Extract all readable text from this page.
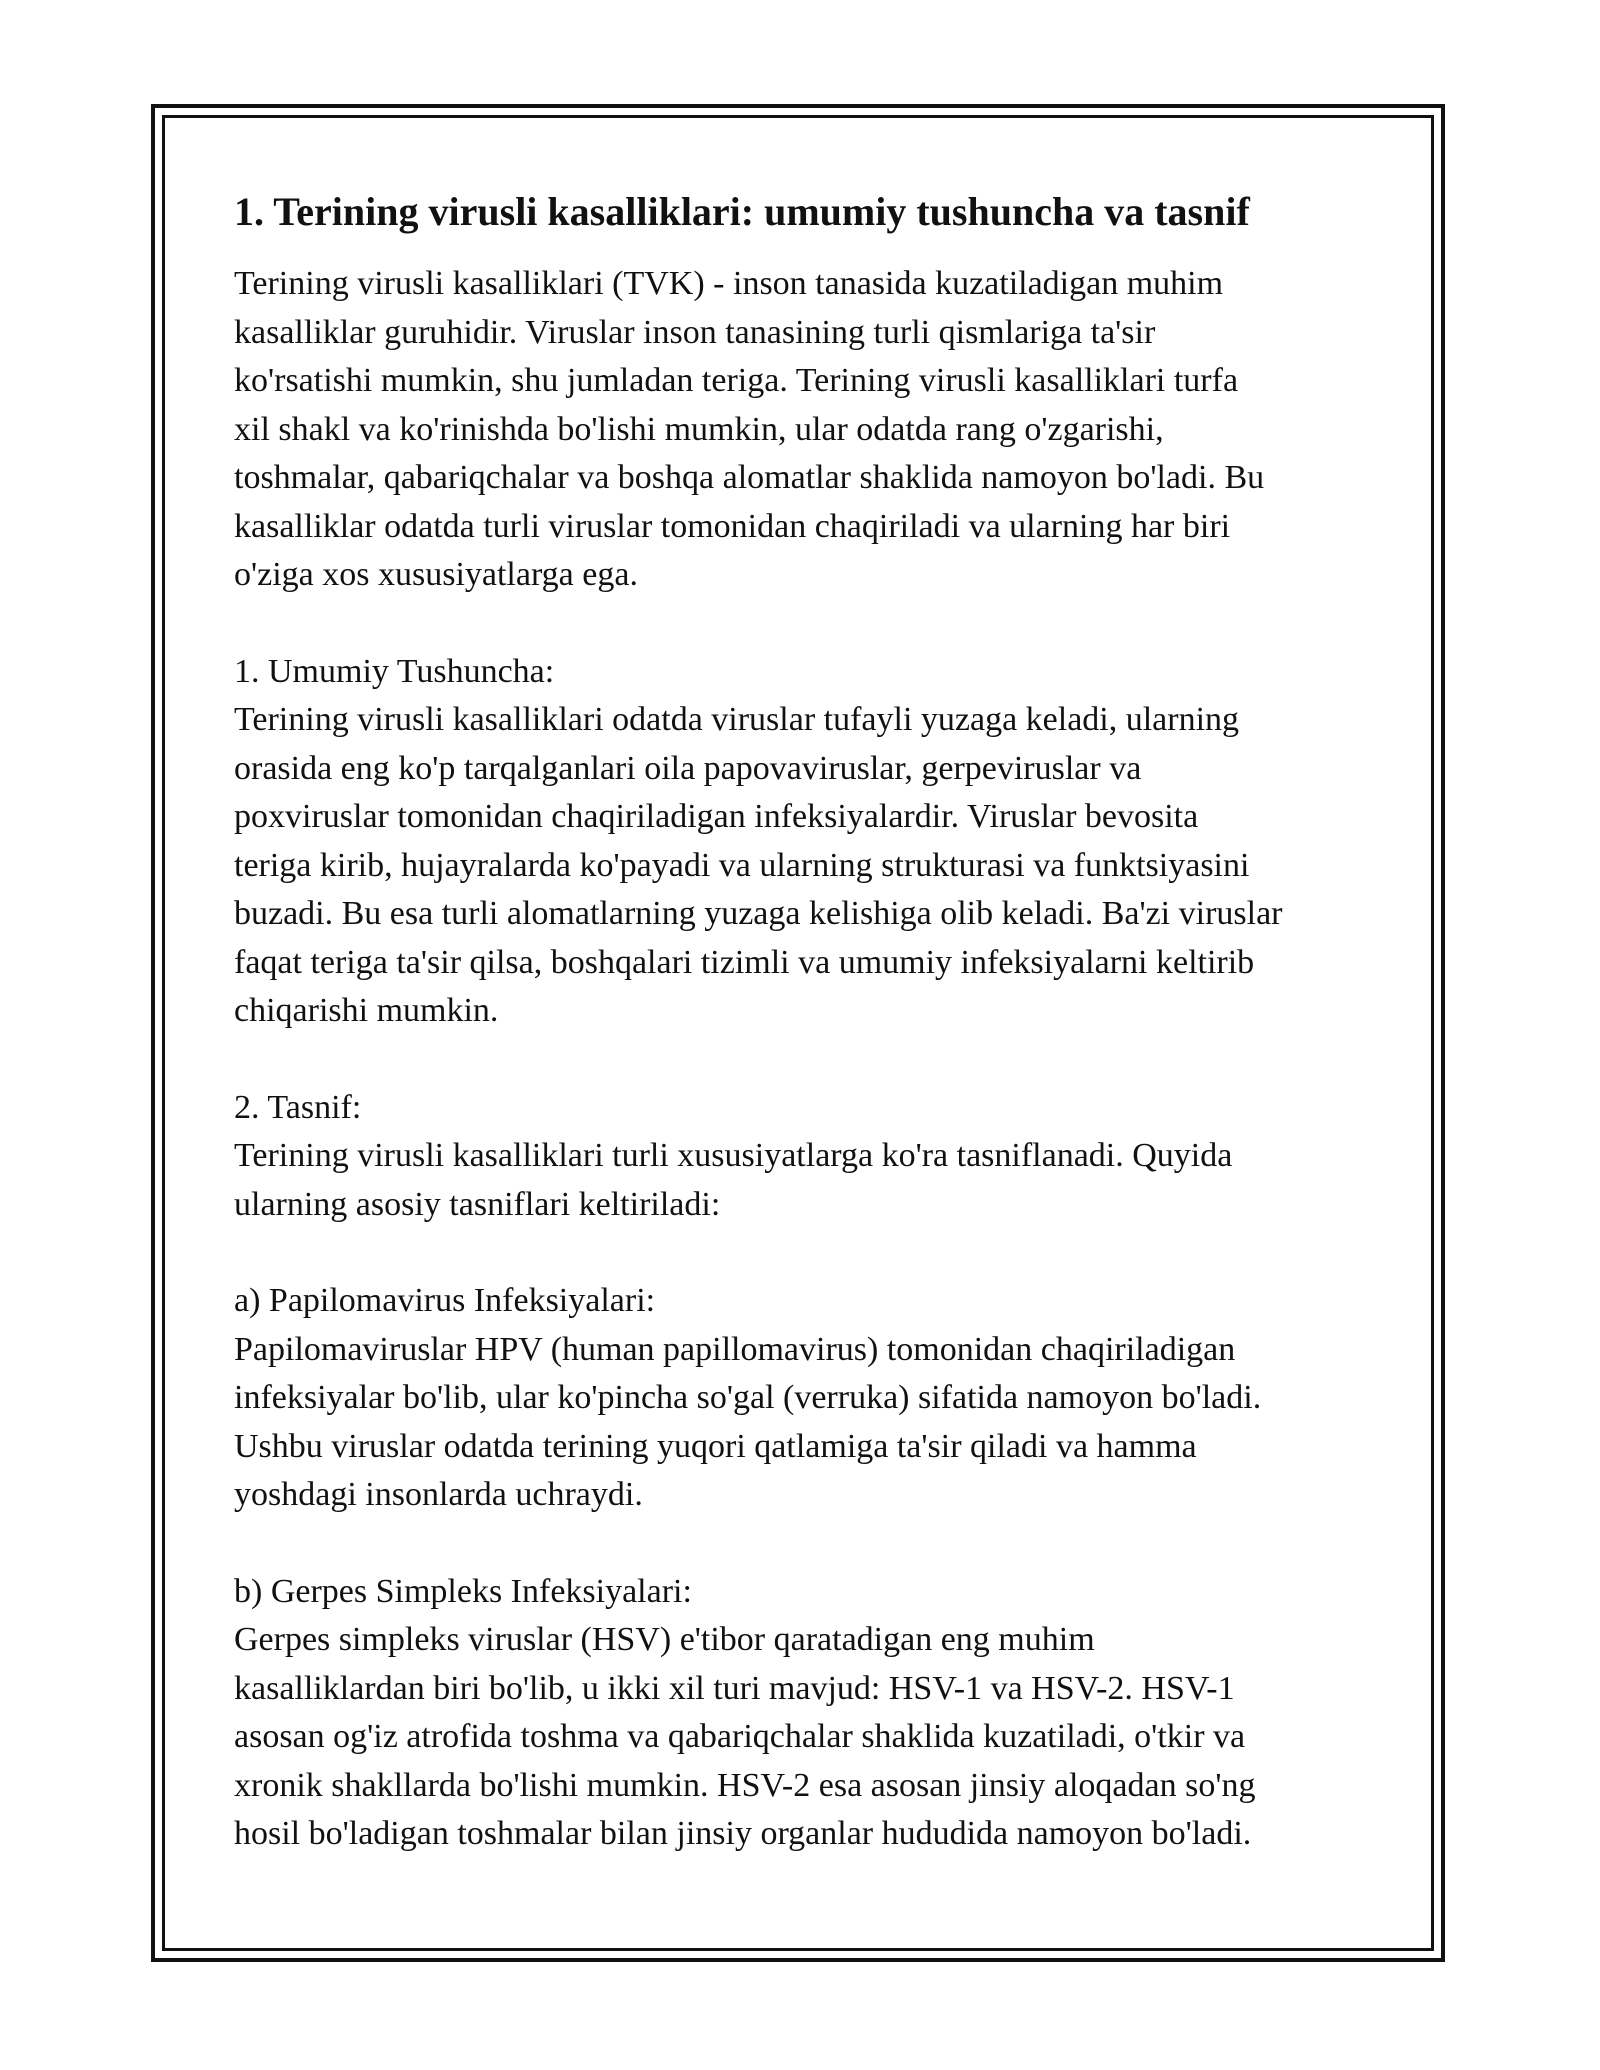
1. Terining virusli kasalliklari: umumiy tushuncha va tasnif

Terining virusli kasalliklari (TVK) - inson tanasida kuzatiladigan muhim
kasalliklar guruhidir. Viruslar inson tanasining turli qismlariga ta'sir
ko'rsatishi mumkin, shu jumladan teriga. Terining virusli kasalliklari turfa
xil shakl va ko'rinishda bo'lishi mumkin, ular odatda rang o'zgarishi,
toshmalar, qabariqchalar va boshqa alomatlar shaklida namoyon bo'ladi. Bu
kasalliklar odatda turli viruslar tomonidan chaqiriladi va ularning har biri
o'ziga xos xususiyatlarga ega.

1. Umumiy Tushuncha:
Terining virusli kasalliklari odatda viruslar tufayli yuzaga keladi, ularning
orasida eng ko'p tarqalganlari oila papovaviruslar, gerpeviruslar va
poxviruslar tomonidan chaqiriladigan infeksiyalardir. Viruslar bevosita
teriga kirib, hujayralarda ko'payadi va ularning strukturasi va funktsiyasini
buzadi. Bu esa turli alomatlarning yuzaga kelishiga olib keladi. Ba'zi viruslar
faqat teriga ta'sir qilsa, boshqalari tizimli va umumiy infeksiyalarni keltirib
chiqarishi mumkin.

2. Tasnif:
Terining virusli kasalliklari turli xususiyatlarga ko'ra tasniflanadi. Quyida
ularning asosiy tasniflari keltiriladi:

a) Papilomavirus Infeksiyalari:
Papilomaviruslar HPV (human papillomavirus) tomonidan chaqiriladigan
infeksiyalar bo'lib, ular ko'pincha so'gal (verruka) sifatida namoyon bo'ladi.
Ushbu viruslar odatda terining yuqori qatlamiga ta'sir qiladi va hamma
yoshdagi insonlarda uchraydi.

b) Gerpes Simpleks Infeksiyalari:
Gerpes simpleks viruslar (HSV) e'tibor qaratadigan eng muhim
kasalliklardan biri bo'lib, u ikki xil turi mavjud: HSV-1 va HSV-2. HSV-1
asosan og'iz atrofida toshma va qabariqchalar shaklida kuzatiladi, o'tkir va
xronik shakllarda bo'lishi mumkin. HSV-2 esa asosan jinsiy aloqadan so'ng
hosil bo'ladigan toshmalar bilan jinsiy organlar hududida namoyon bo'ladi.
